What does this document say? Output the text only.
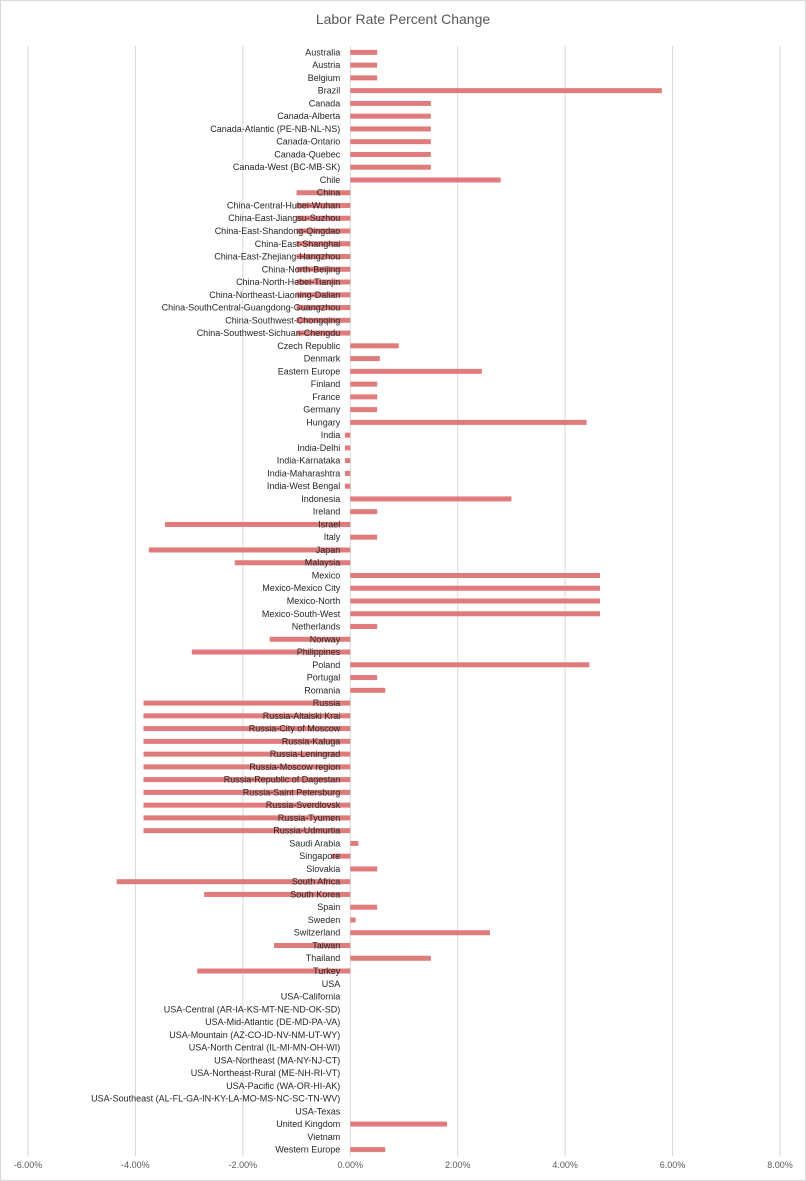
Labor Rate Percent Change
Australia
Austria
Belgium
Brazil
Canada
Canada-Alberta
Canada-Atlantic (PE-NB-NL-NS)
Canada-Ontario
Canada-Quebec
Canada-West (BC-MB-SK)
Chile
China
China-Central-Hubei-Wuhan
China-East-Jiangsu-Suzhou
China-East-Shandong-Qingdao
China-East-Shanghai
China-East-Zhejiang-Hangzhou
China-North-Beijing
China-North-Hebei-Tianjin
China-Northeast-Liaoning-Dalian
China-SouthCentral-Guangdong-Guangzhou
China-Southwest-Chongqing
China-Southwest-Sichuan-Chengdu
Czech Republic
Denmark
Eastern Europe
Finland
France
Germany
Hungary
India
India-Delhi
India-Karnataka
India-Maharashtra
India-West Bengal
Indonesia
Ireland
Israel
Italy
Japan
Malaysia
Mexico
Mexico-Mexico City
Mexico-North
Mexico-South-West
Netherlands
Norway
Philippines
Poland
Portugal
Romania
Russia
Russia-Altaiski Krai
Russia-City of Moscow
Russia-Kaluga
Russia-Leningrad
Russia-Moscow region
Russia-Republic of Dagestan
Russia-Saint Petersburg
Russia-Sverdlovsk
Russia-Tyumen
Russia-Udmurtia
Saudi Arabia
Singapore
Slovakia
South Africa
South Korea
Spain
Sweden
Switzerland
Taiwan
Thailand
Turkey
USA
USA-California
USA-Central (AR-IA-KS-MT-NE-ND-OK-SD)
USA-Mid-Atlantic (DE-MD-PA-VA)
USA-Mountain (AZ-CO-ID-NV-NM-UT-WY)
USA-North Central (IL-MI-MN-OH-WI)
USA-Northeast (MA-NY-NJ-CT)
USA-Northeast-Rural (ME-NH-RI-VT)
USA-Pacific (WA-OR-HI-AK)
USA-Southeast (AL-FL-GA-IN-KY-LA-MO-MS-NC-SC-TN-WV)
USA-Texas
United Kingdom
Vietnam
Western Europe
-6.00%	-4.00%	-2.00%	0.00%	2.00%	4.00%	6.00%	8.00%
